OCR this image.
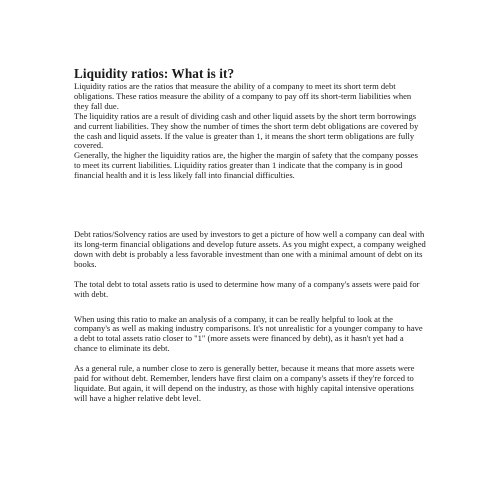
Liquidity ratios: What is it?

Liquidity ratios are the ratios that measure the ability of a company to meet its short term debt obligations. These ratios measure the ability of a company to pay off its short-term liabilities when they fall due.

The liquidity ratios are a result of dividing cash and other liquid assets by the short term borrowings and current liabilities. They show the number of times the short term debt obligations are covered by the cash and liquid assets. If the value is greater than 1, it means the short term obligations are fully covered.

Generally, the higher the liquidity ratios are, the higher the margin of safety that the company posses to meet its current liabilities. Liquidity ratios greater than 1 indicate that the company is in good financial health and it is less likely fall into financial difficulties.

Debt ratios/Solvency ratios are used by investors to get a picture of how well a company can deal with its long-term financial obligations and develop future assets. As you might expect, a company weighed down with debt is probably a less favorable investment than one with a minimal amount of debt on its books.

The total debt to total assets ratio is used to determine how many of a company's assets were paid for with debt.

When using this ratio to make an analysis of a company, it can be really helpful to look at the company's as well as making industry comparisons. It's not unrealistic for a younger company to have a debt to total assets ratio closer to "1" (more assets were financed by debt), as it hasn't yet had a chance to eliminate its debt.

As a general rule, a number close to zero is generally better, because it means that more assets were paid for without debt. Remember, lenders have first claim on a company's assets if they're forced to liquidate. But again, it will depend on the industry, as those with highly capital intensive operations will have a higher relative debt level.
